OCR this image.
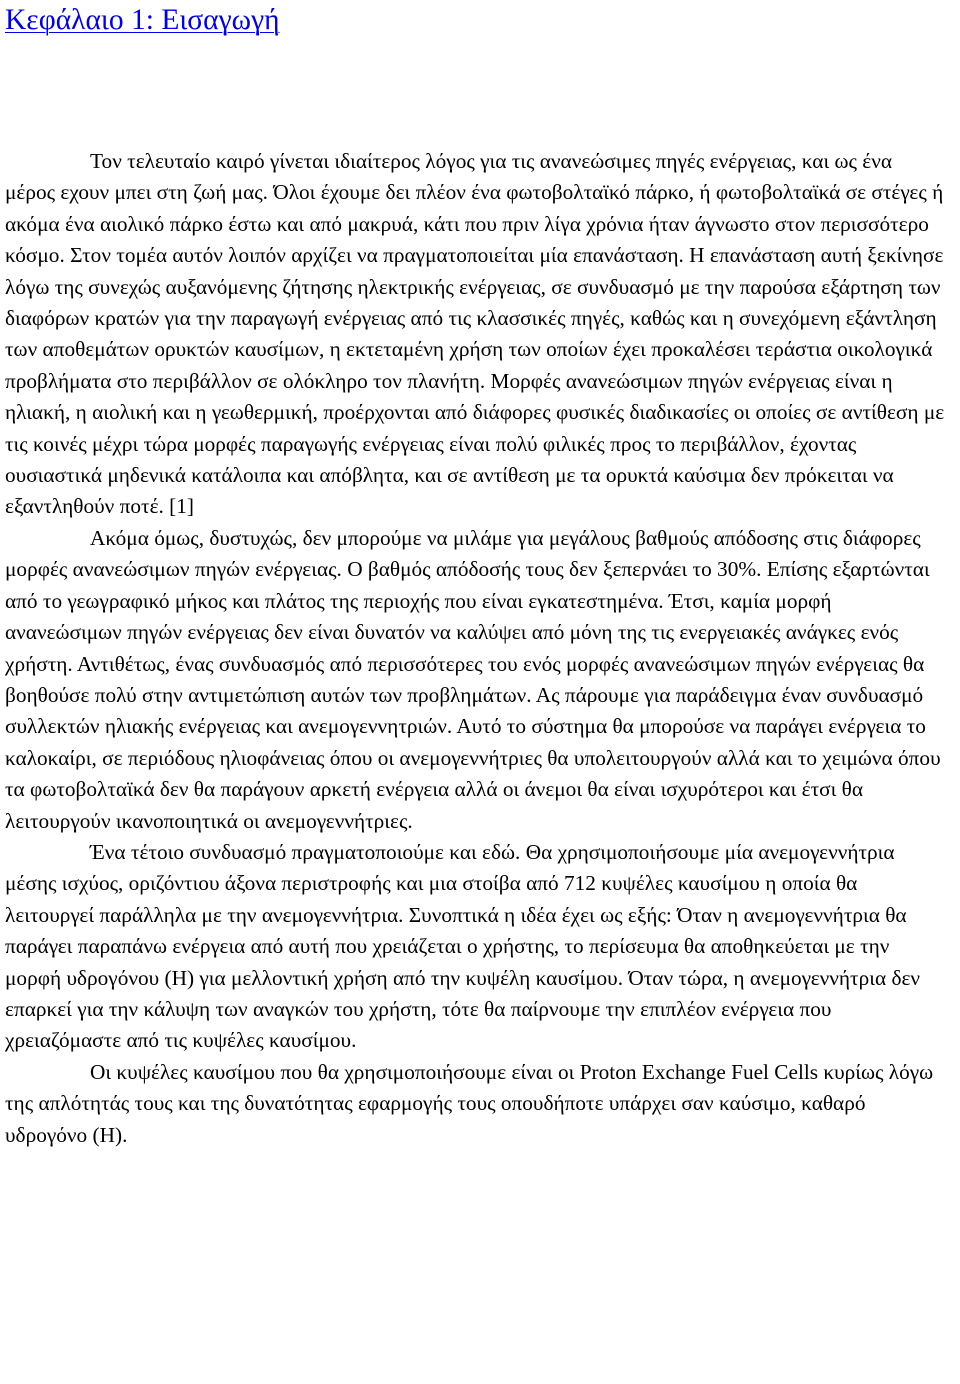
Κεφάλαιο 1: Εισαγωγή

Τον τελευταίο καιρό γίνεται ιδιαίτερος λόγος για τις ανανεώσιμες πηγές ενέργειας, και ως ένα μέρος εχουν μπει στη ζωή μας. Όλοι έχουμε δει πλέον ένα φωτοβολταϊκό πάρκο, ή φωτοβολταϊκά σε στέγες ή ακόμα ένα αιολικό πάρκο έστω και από μακρυά, κάτι που πριν λίγα χρόνια ήταν άγνωστο στον περισσότερο κόσμο. Στον τομέα αυτόν λοιπόν αρχίζει να πραγματοποιείται μία επανάσταση. Η επανάσταση αυτή ξεκίνησε λόγω της συνεχώς αυξανόμενης ζήτησης ηλεκτρικής ενέργειας, σε συνδυασμό με την παρούσα εξάρτηση των διαφόρων κρατών για την παραγωγή ενέργειας από τις κλασσικές πηγές, καθώς και η συνεχόμενη εξάντληση των αποθεμάτων ορυκτών καυσίμων, η εκτεταμένη χρήση των οποίων έχει προκαλέσει τεράστια οικολογικά προβλήματα στο περιβάλλον σε ολόκληρο τον πλανήτη. Μορφές ανανεώσιμων πηγών ενέργειας είναι η ηλιακή, η αιολική και η γεωθερμική, προέρχονται από διάφορες φυσικές διαδικασίες οι οποίες σε αντίθεση με τις κοινές μέχρι τώρα μορφές παραγωγής ενέργειας είναι πολύ φιλικές προς το περιβάλλον, έχοντας ουσιαστικά μηδενικά κατάλοιπα και απόβλητα, και σε αντίθεση με τα ορυκτά καύσιμα δεν πρόκειται να εξαντληθούν ποτέ. [1]

Ακόμα όμως, δυστυχώς, δεν μπορούμε να μιλάμε για μεγάλους βαθμούς απόδοσης στις διάφορες μορφές ανανεώσιμων πηγών ενέργειας. Ο βαθμός απόδοσής τους δεν ξεπερνάει το 30%. Επίσης εξαρτώνται από το γεωγραφικό μήκος και πλάτος της περιοχής που είναι εγκατεστημένα. Έτσι, καμία μορφή ανανεώσιμων πηγών ενέργειας δεν είναι δυνατόν να καλύψει από μόνη της τις ενεργειακές ανάγκες ενός χρήστη. Αντιθέτως, ένας συνδυασμός από περισσότερες του ενός μορφές ανανεώσιμων πηγών ενέργειας θα βοηθούσε πολύ στην αντιμετώπιση αυτών των προβλημάτων. Ας πάρουμε για παράδειγμα έναν συνδυασμό συλλεκτών ηλιακής ενέργειας και ανεμογεννητριών. Αυτό το σύστημα θα μπορούσε να παράγει ενέργεια το καλοκαίρι, σε περιόδους ηλιοφάνειας όπου οι ανεμογεννήτριες θα υπολειτουργούν αλλά και το χειμώνα όπου τα φωτοβολταϊκά δεν θα παράγουν αρκετή ενέργεια αλλά οι άνεμοι θα είναι ισχυρότεροι και έτσι θα λειτουργούν ικανοποιητικά οι ανεμογεννήτριες.

Ένα τέτοιο συνδυασμό πραγματοποιούμε και εδώ. Θα χρησιμοποιήσουμε μία ανεμογεννήτρια μέσης ισχύος, οριζόντιου άξονα περιστροφής και μια στοίβα από 712 κυψέλες καυσίμου η οποία θα λειτουργεί παράλληλα με την ανεμογεννήτρια. Συνοπτικά η ιδέα έχει ως εξής: Όταν η ανεμογεννήτρια θα παράγει παραπάνω ενέργεια από αυτή που χρειάζεται ο χρήστης, το περίσευμα θα αποθηκεύεται με την μορφή υδρογόνου (Η) για μελλοντική χρήση από την κυψέλη καυσίμου. Όταν τώρα, η ανεμογεννήτρια δεν επαρκεί για την κάλυψη των αναγκών του χρήστη, τότε θα παίρνουμε την επιπλέον ενέργεια που χρειαζόμαστε από τις κυψέλες καυσίμου.

Οι κυψέλες καυσίμου που θα χρησιμοποιήσουμε είναι οι Proton Exchange Fuel Cells κυρίως λόγω της απλότητάς τους και της δυνατότητας εφαρμογής τους οπουδήποτε υπάρχει σαν καύσιμο, καθαρό υδρογόνο (Η).
